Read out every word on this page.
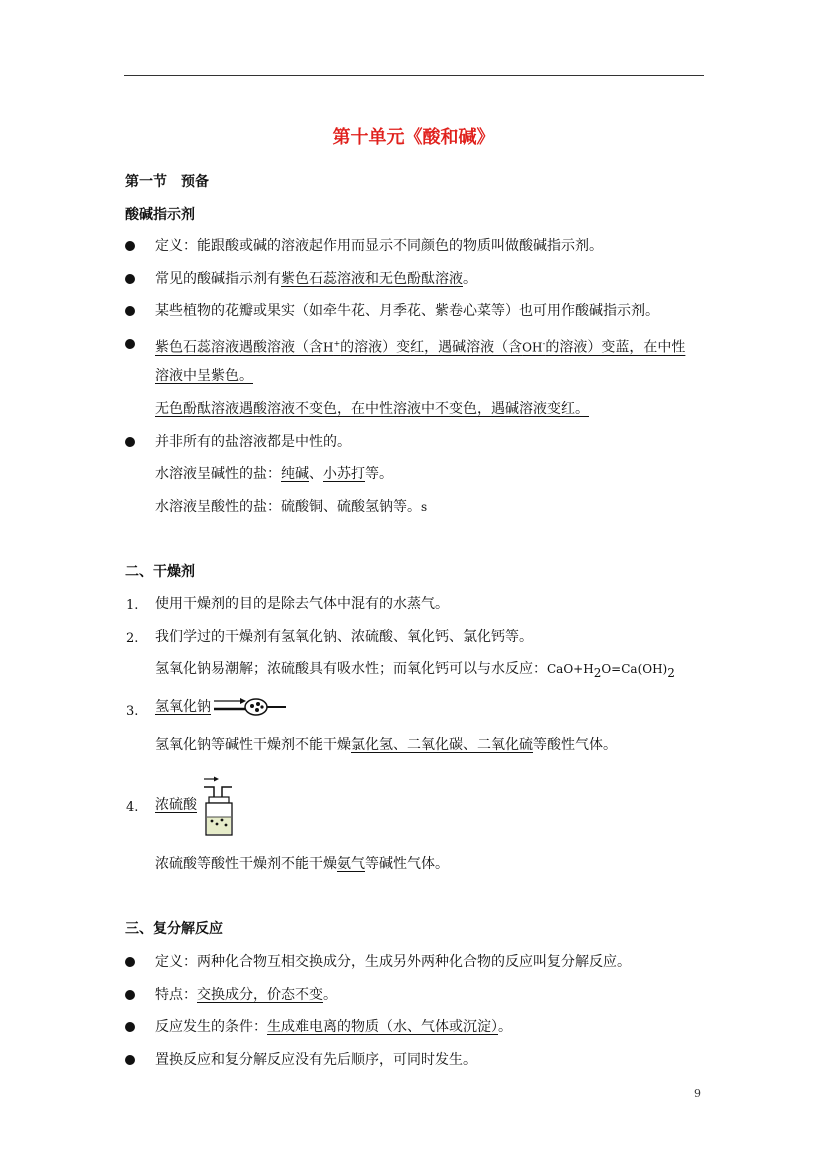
第十单元《酸和碱》
第一节　预备
酸碱指示剂
定义：能跟酸或碱的溶液起作用而显示不同颜色的物质叫做酸碱指示剂。
常见的酸碱指示剂有紫色石蕊溶液和无色酚酞溶液。
某些植物的花瓣或果实（如牵牛花、月季花、紫卷心菜等）也可用作酸碱指示剂。
紫色石蕊溶液遇酸溶液（含H+的溶液）变红，遇碱溶液（含OH-的溶液）变蓝，在中性
溶液中呈紫色。
无色酚酞溶液遇酸溶液不变色，在中性溶液中不变色，遇碱溶液变红。
并非所有的盐溶液都是中性的。
水溶液呈碱性的盐：纯碱、小苏打等。
水溶液呈酸性的盐：硫酸铜、硫酸氢钠等。s
二、干燥剂
1. 使用干燥剂的目的是除去气体中混有的水蒸气。
2. 我们学过的干燥剂有氢氧化钠、浓硫酸、氧化钙、氯化钙等。
氢氧化钠易潮解；浓硫酸具有吸水性；而氧化钙可以与水反应：$CaO+H_2O=Ca(OH)_2$
3. 氢氧化钠
氢氧化钠等碱性干燥剂不能干燥氯化氢、二氧化碳、二氧化硫等酸性气体。
4. 浓硫酸
浓硫酸等酸性干燥剂不能干燥氨气等碱性气体。
三、复分解反应
定义：两种化合物互相交换成分，生成另外两种化合物的反应叫复分解反应。
特点：交换成分，价态不变。
反应发生的条件：生成难电离的物质（水、气体或沉淀）。
置换反应和复分解反应没有先后顺序，可同时发生。
9
